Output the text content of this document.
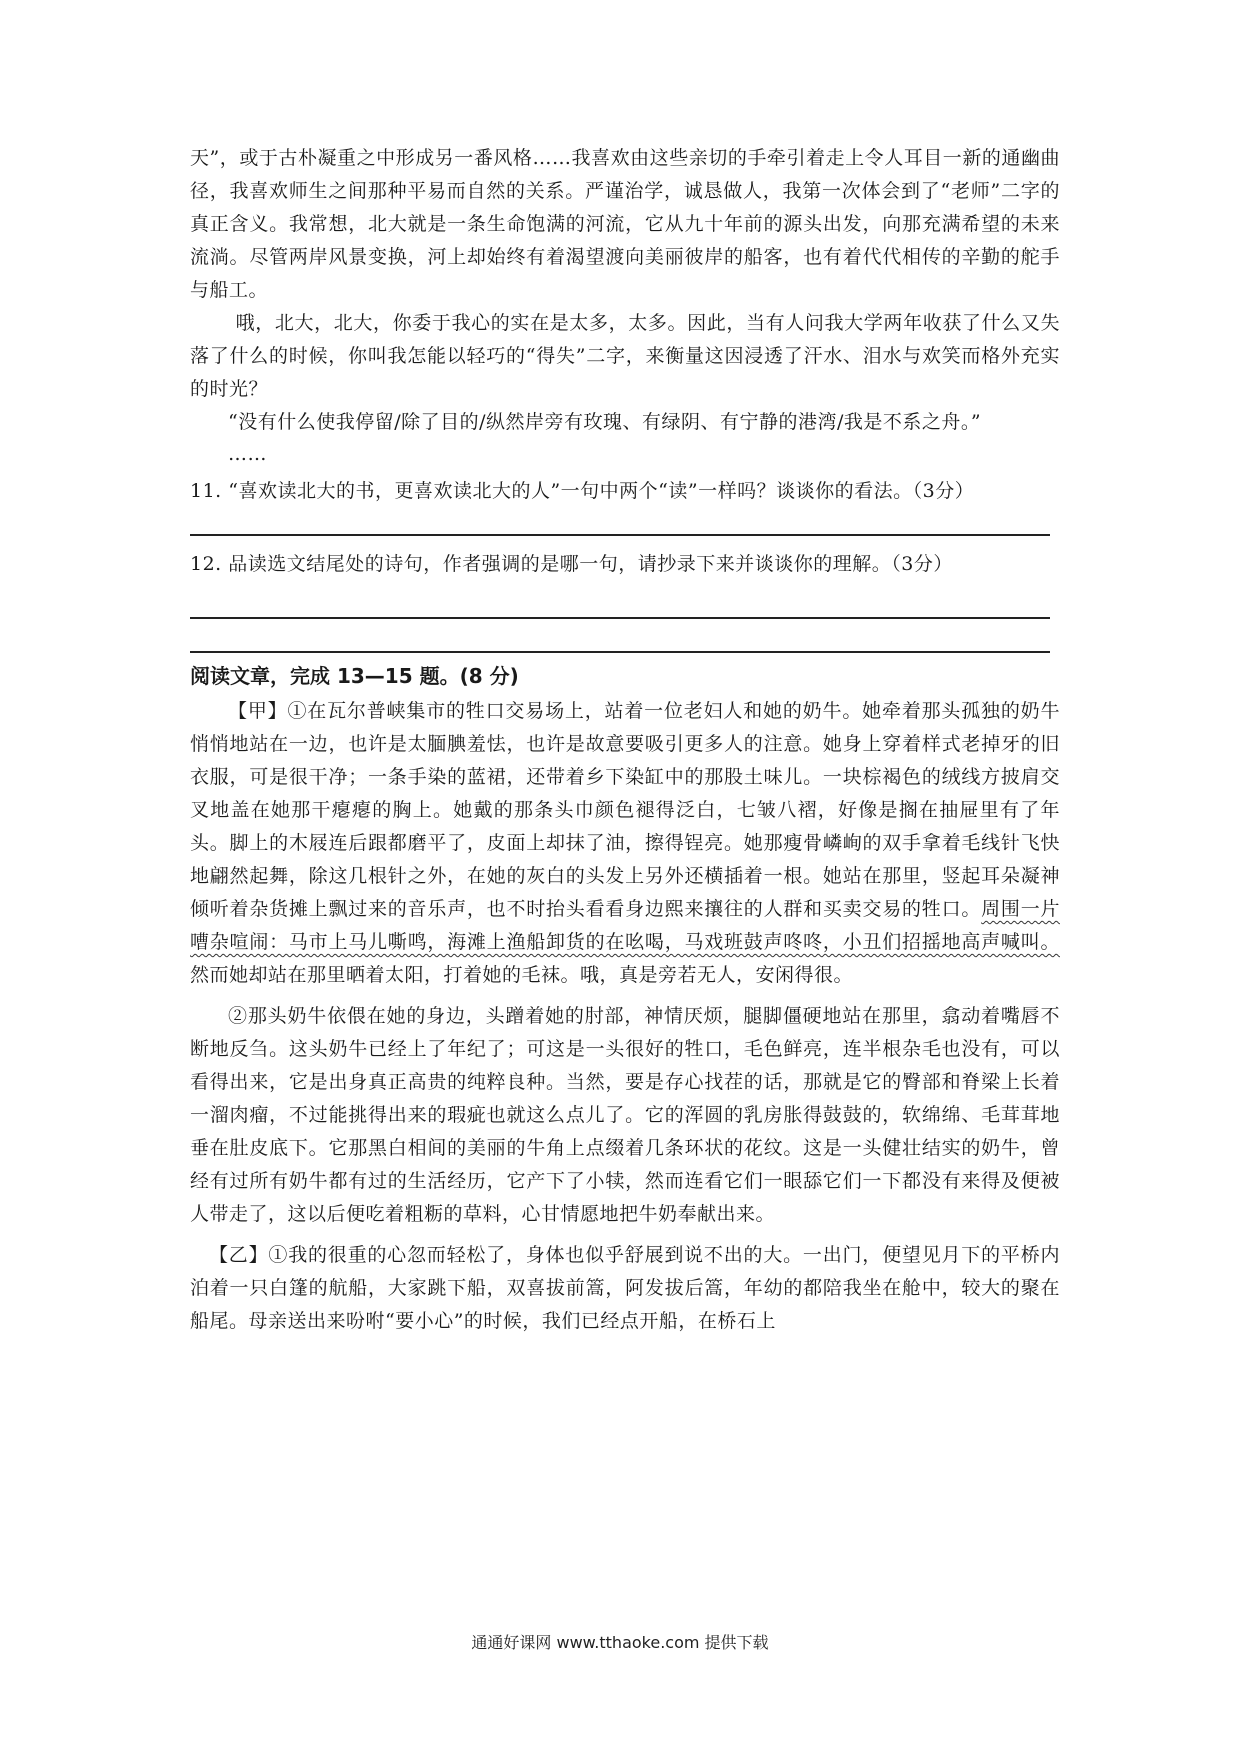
天”，或于古朴凝重之中形成另一番风格……我喜欢由这些亲切的手牵引着走上令人耳目一新的通幽曲径，我喜欢师生之间那种平易而自然的关系。严谨治学，诚恳做人，我第一次体会到了“老师”二字的真正含义。我常想，北大就是一条生命饱满的河流，它从九十年前的源头出发，向那充满希望的未来流淌。尽管两岸风景变换，河上却始终有着渴望渡向美丽彼岸的船客，也有着代代相传的辛勤的舵手与船工。

哦，北大，北大，你委于我心的实在是太多，太多。因此，当有人问我大学两年收获了什么又失落了什么的时候，你叫我怎能以轻巧的“得失”二字，来衡量这因浸透了汗水、泪水与欢笑而格外充实的时光？

“没有什么使我停留/除了目的/纵然岸旁有玫瑰、有绿阴、有宁静的港湾/我是不系之舟。”

……

11. “喜欢读北大的书，更喜欢读北大的人”一句中两个“读”一样吗？谈谈你的看法。（3分）

12. 品读选文结尾处的诗句，作者强调的是哪一句，请抄录下来并谈谈你的理解。（3分）

阅读文章，完成 13—15 题。(8 分)

【甲】①在瓦尔普峡集市的牲口交易场上，站着一位老妇人和她的奶牛。她牵着那头孤独的奶牛悄悄地站在一边，也许是太腼腆羞怯，也许是故意要吸引更多人的注意。她身上穿着样式老掉牙的旧衣服，可是很干净；一条手染的蓝裙，还带着乡下染缸中的那股土味儿。一块棕褐色的绒线方披肩交叉地盖在她那干瘪瘪的胸上。她戴的那条头巾颜色褪得泛白，七皱八褶，好像是搁在抽屉里有了年头。脚上的木屐连后跟都磨平了，皮面上却抹了油，擦得锃亮。她那瘦骨嶙峋的双手拿着毛线针飞快地翩然起舞，除这几根针之外，在她的灰白的头发上另外还横插着一根。她站在那里，竖起耳朵凝神倾听着杂货摊上飘过来的音乐声，也不时抬头看看身边熙来攘往的人群和买卖交易的牲口。周围一片嘈杂喧闹：马市上马儿嘶鸣，海滩上渔船卸货的在吆喝，马戏班鼓声咚咚，小丑们招摇地高声喊叫。然而她却站在那里晒着太阳，打着她的毛袜。哦，真是旁若无人，安闲得很。

②那头奶牛依偎在她的身边，头蹭着她的肘部，神情厌烦，腿脚僵硬地站在那里，翕动着嘴唇不断地反刍。这头奶牛已经上了年纪了；可这是一头很好的牲口，毛色鲜亮，连半根杂毛也没有，可以看得出来，它是出身真正高贵的纯粹良种。当然，要是存心找茬的话，那就是它的臀部和脊梁上长着一溜肉瘤，不过能挑得出来的瑕疵也就这么点儿了。它的浑圆的乳房胀得鼓鼓的，软绵绵、毛茸茸地垂在肚皮底下。它那黑白相间的美丽的牛角上点缀着几条环状的花纹。这是一头健壮结实的奶牛，曾经有过所有奶牛都有过的生活经历，它产下了小犊，然而连看它们一眼舔它们一下都没有来得及便被人带走了，这以后便吃着粗粝的草料，心甘情愿地把牛奶奉献出来。

【乙】①我的很重的心忽而轻松了，身体也似乎舒展到说不出的大。一出门，便望见月下的平桥内泊着一只白篷的航船，大家跳下船，双喜拔前篙，阿发拔后篙，年幼的都陪我坐在舱中，较大的聚在船尾。母亲送出来吩咐“要小心”的时候，我们已经点开船，在桥石上

通通好课网 www.tthaoke.com 提供下载
